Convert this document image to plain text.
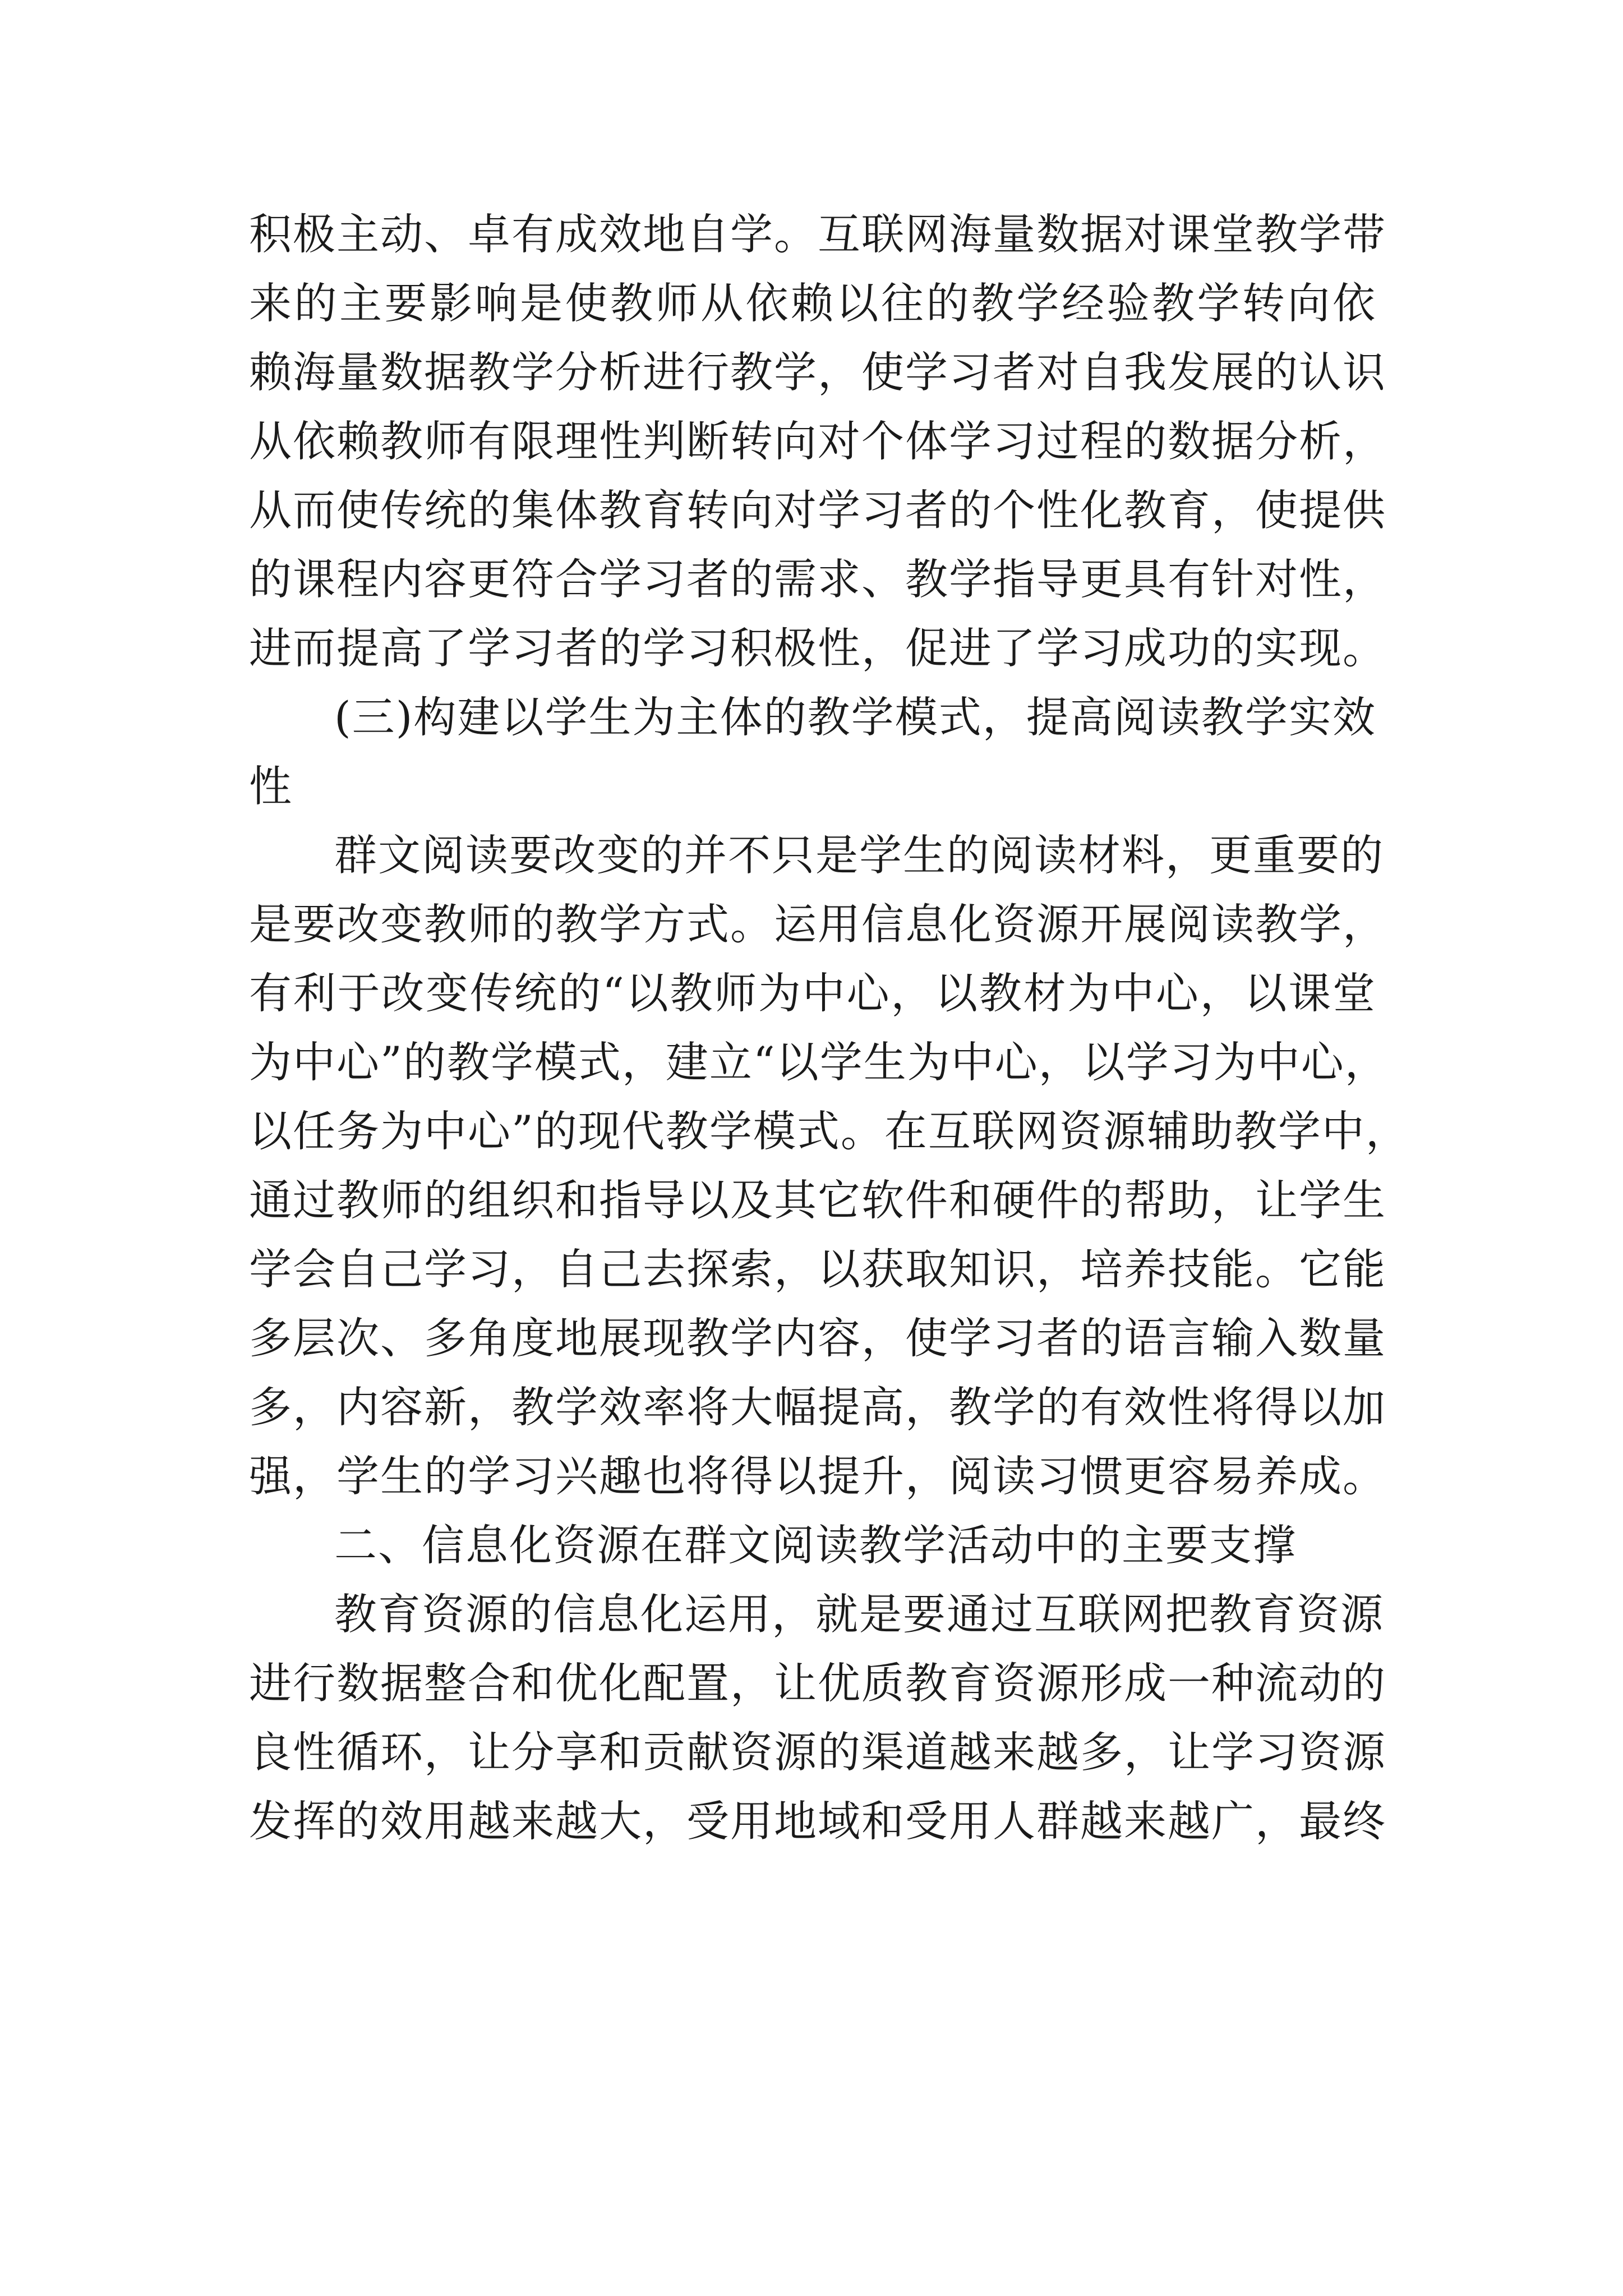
积极主动、卓有成效地自学。互联网海量数据对课堂教学带
来的主要影响是使教师从依赖以往的教学经验教学转向依
赖海量数据教学分析进行教学，使学习者对自我发展的认识
从依赖教师有限理性判断转向对个体学习过程的数据分析，
从而使传统的集体教育转向对学习者的个性化教育，使提供
的课程内容更符合学习者的需求、教学指导更具有针对性，
进而提高了学习者的学习积极性，促进了学习成功的实现。
(三)构建以学生为主体的教学模式，提高阅读教学实效
性
群文阅读要改变的并不只是学生的阅读材料，更重要的
是要改变教师的教学方式。运用信息化资源开展阅读教学，
有利于改变传统的“以教师为中心，以教材为中心，以课堂
为中心”的教学模式，建立“以学生为中心，以学习为中心，
以任务为中心”的现代教学模式。在互联网资源辅助教学中，
通过教师的组织和指导以及其它软件和硬件的帮助，让学生
学会自己学习，自己去探索，以获取知识，培养技能。它能
多层次、多角度地展现教学内容，使学习者的语言输入数量
多，内容新，教学效率将大幅提高，教学的有效性将得以加
强，学生的学习兴趣也将得以提升，阅读习惯更容易养成。
二、信息化资源在群文阅读教学活动中的主要支撑
教育资源的信息化运用，就是要通过互联网把教育资源
进行数据整合和优化配置，让优质教育资源形成一种流动的
良性循环，让分享和贡献资源的渠道越来越多，让学习资源
发挥的效用越来越大，受用地域和受用人群越来越广，最终
